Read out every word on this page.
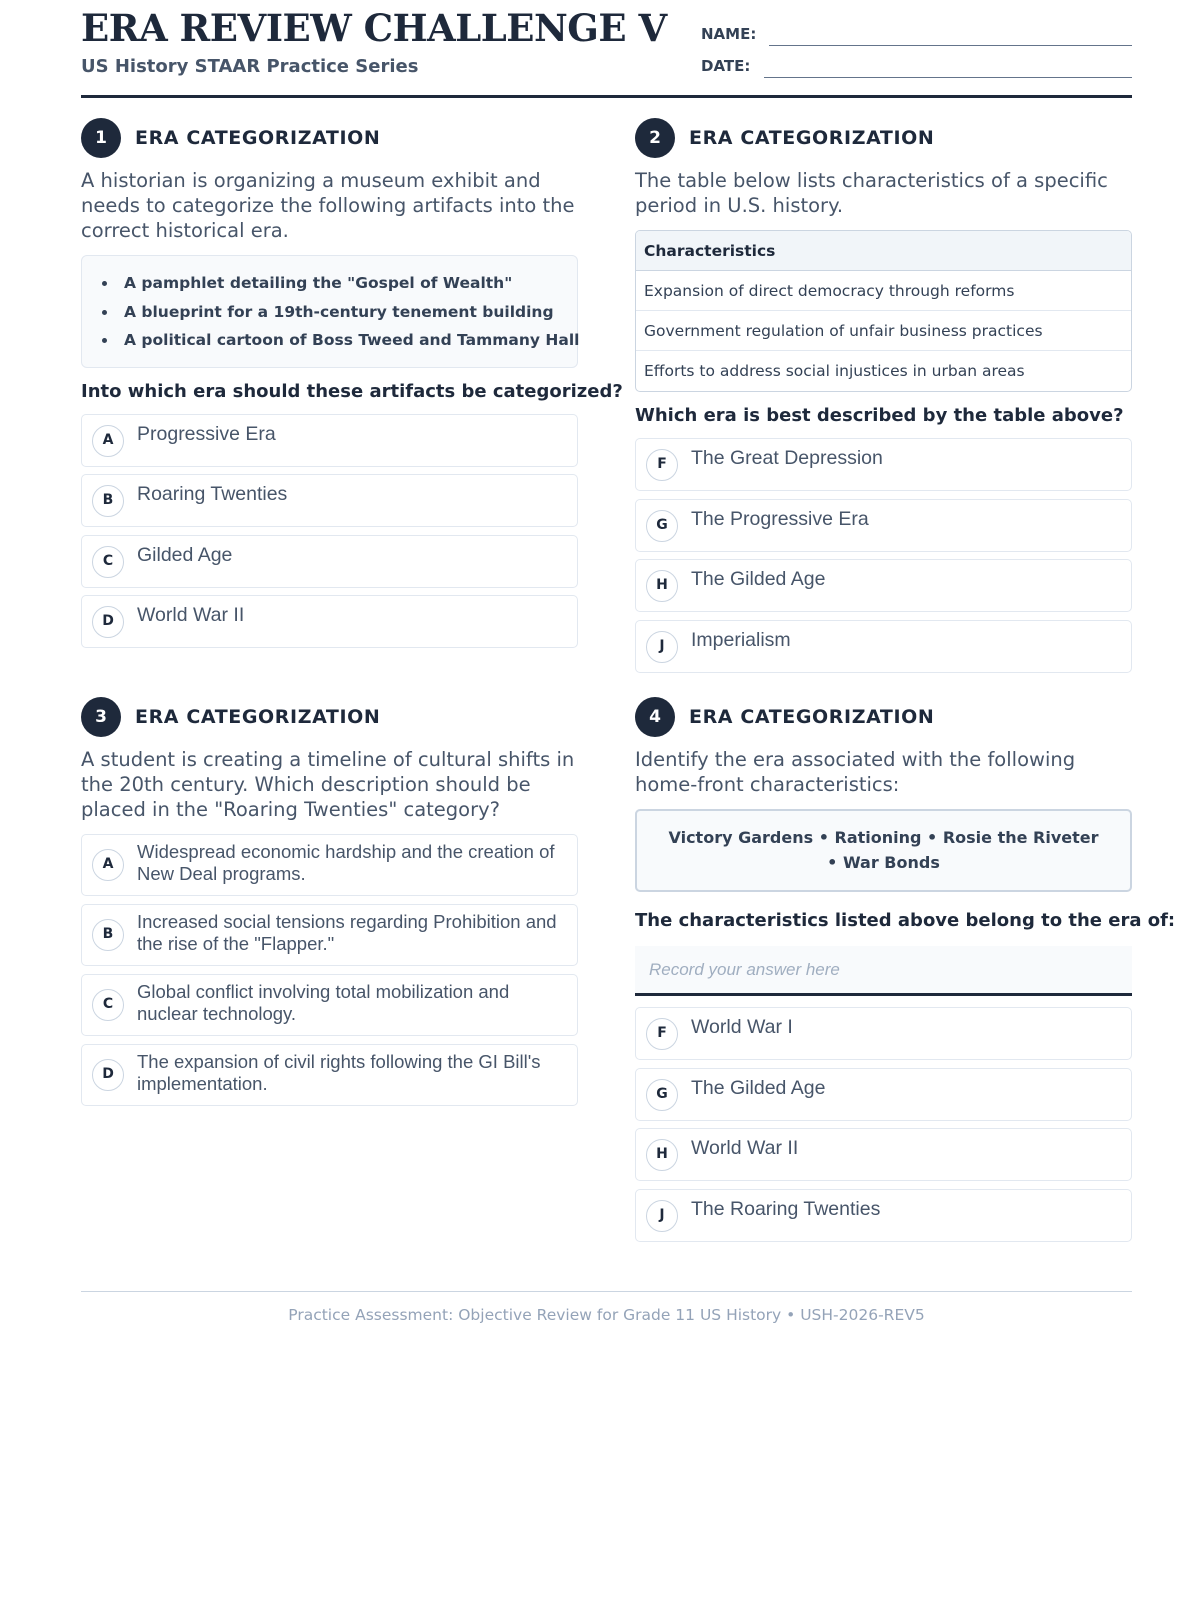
ERA REVIEW CHALLENGE V
US History STAAR Practice Series
NAME:
DATE:
1	ERA CATEGORIZATION
A historian is organizing a museum exhibit and needs to categorize the following artifacts into the correct historical era.
A pamphlet detailing the "Gospel of Wealth"
A blueprint for a 19th-century tenement building
A political cartoon of Boss Tweed and Tammany Hall
Into which era should these artifacts be categorized?
A	Progressive Era
B	Roaring Twenties
C	Gilded Age
D	World War II
2	ERA CATEGORIZATION
The table below lists characteristics of a specific period in U.S. history.
Characteristics
Expansion of direct democracy through reforms
Government regulation of unfair business practices
Efforts to address social injustices in urban areas
Which era is best described by the table above?
F	The Great Depression
G	The Progressive Era
H	The Gilded Age
J	Imperialism
3	ERA CATEGORIZATION
A student is creating a timeline of cultural shifts in the 20th century. Which description should be placed in the "Roaring Twenties" category?
A
Widespread economic hardship and the creation of New Deal programs.
B
Increased social tensions regarding Prohibition and the rise of the "Flapper."
C
Global conflict involving total mobilization and nuclear technology.
D
The expansion of civil rights following the GI Bill's implementation.
4	ERA CATEGORIZATION
Identify the era associated with the following home-front characteristics:
Victory Gardens • Rationing • Rosie the Riveter • War Bonds
The characteristics listed above belong to the era of:
Record your answer here
F	World War I
G	The Gilded Age
H	World War II
J	The Roaring Twenties
Practice Assessment: Objective Review for Grade 11 US History • USH-2026-REV5
